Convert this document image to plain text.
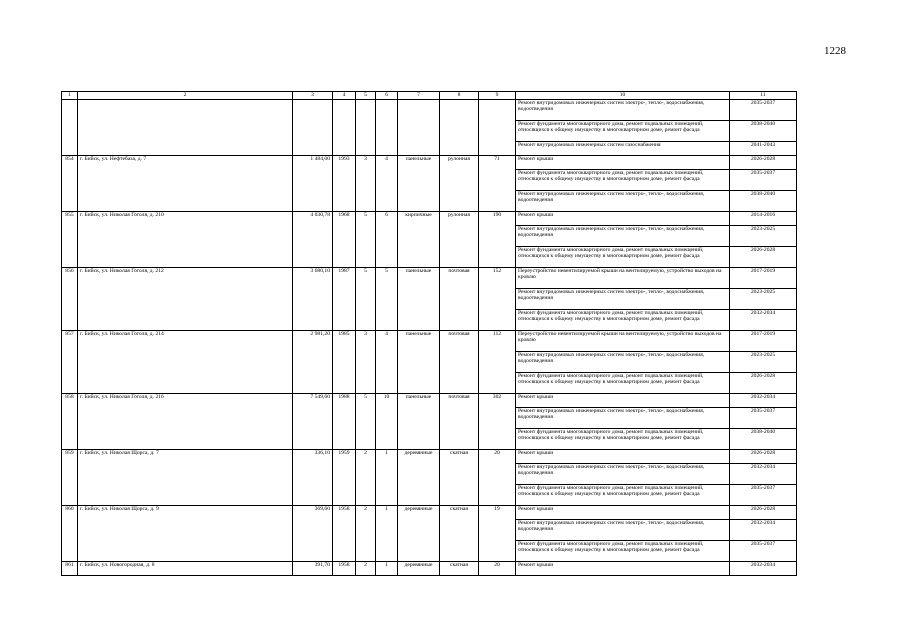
1228
1	2	3	4	5	6	7	8	9	10	11
									Ремонт внутридомовых инженерных систем электро-, тепло-, водоснабжения, водоотведения	2035-2037
									Ремонт фундамента многоквартирного дома, ремонт подвальных помещений, относящихся к общему имуществу в многоквартирном доме, ремонт фасада	2038-2040
									Ремонт внутридомовых инженерных систем газоснабжения	2041-2043
854	г. Бийск, ул. Нефтебаза, д. 7	1 484,00	1993	3	4	панельные	рулонная	71	Ремонт крыши	2026-2028
									Ремонт фундамента многоквартирного дома, ремонт подвальных помещений, относящихся к общему имуществу в многоквартирном доме, ремонт фасада	2035-2037
									Ремонт внутридомовых инженерных систем электро-, тепло-, водоснабжения, водоотведения	2038-2040
855	г. Бийск, ул. Николая Гоголя, д. 210	4 030,78	1968	5	6	кирпичные	рулонная	190	Ремонт крыши	2014-2016
									Ремонт внутридомовых инженерных систем электро-, тепло-, водоснабжения, водоотведения	2023-2025
									Ремонт фундамента многоквартирного дома, ремонт подвальных помещений, относящихся к общему имуществу в многоквартирном доме, ремонт фасада	2026-2028
856	г. Бийск, ул. Николая Гоголя, д. 212	3 680,10	1987	5	5	панельные	почтовая	152	Переустройство невентилируемой крыши на вентилируемую, устройство выходов на кровлю	2017-2019
									Ремонт внутридомовых инженерных систем электро-, тепло-, водоснабжения, водоотведения	2023-2025
									Ремонт фундамента многоквартирного дома, ремонт подвальных помещений, относящихся к общему имуществу в многоквартирном доме, ремонт фасада	2032-2034
857	г. Бийск, ул. Николая Гоголя, д. 214	2 981,20	1985	3	4	панельные	почтовая	112	Переустройство невентилируемой крыши на вентилируемую, устройство выходов на кровлю	2017-2019
									Ремонт внутридомовых инженерных систем электро-, тепло-, водоснабжения, водоотведения	2023-2025
									Ремонт фундамента многоквартирного дома, ремонт подвальных помещений, относящихся к общему имуществу в многоквартирном доме, ремонт фасада	2026-2028
858	г. Бийск, ул. Николая Гоголя, д. 216	7 549,60	1988	5	10	панельные	почтовая	302	Ремонт крыши	2032-2034
									Ремонт внутридомовых инженерных систем электро-, тепло-, водоснабжения, водоотведения	2035-2037
									Ремонт фундамента многоквартирного дома, ремонт подвальных помещений, относящихся к общему имуществу в многоквартирном доме, ремонт фасада	2038-2040
859	г. Бийск, ул. Николая Щорса, д. 7	336,10	1959	2	1	деревянные	скатная	20	Ремонт крыши	2026-2028
									Ремонт внутридомовых инженерных систем электро-, тепло-, водоснабжения, водоотведения	2032-2034
									Ремонт фундамента многоквартирного дома, ремонт подвальных помещений, относящихся к общему имуществу в многоквартирном доме, ремонт фасада	2035-2037
860	г. Бийск, ул. Николая Щорса, д. 9	369,60	1958	2	1	деревянные	скатная	19	Ремонт крыши	2026-2028
									Ремонт внутридомовых инженерных систем электро-, тепло-, водоснабжения, водоотведения	2032-2034
									Ремонт фундамента многоквартирного дома, ремонт подвальных помещений, относящихся к общему имуществу в многоквартирном доме, ремонт фасада	2035-2037
861	г. Бийск, ул. Новогородная, д. 8	391,70	1958	2	1	деревянные	скатная	20	Ремонт крыши	2032-2034
